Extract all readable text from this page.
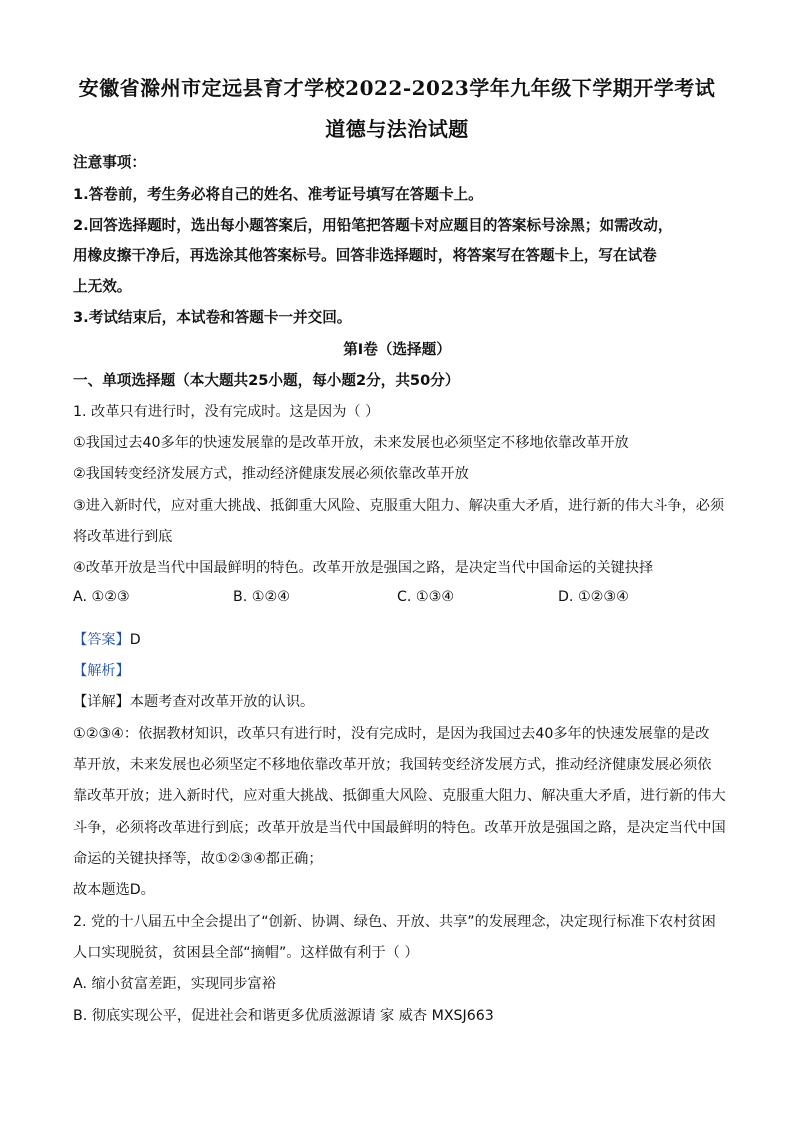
安徽省滁州市定远县育才学校2022-2023学年九年级下学期开学考试
道德与法治试题
注意事项：
1.答卷前，考生务必将自己的姓名、准考证号填写在答题卡上。
2.回答选择题时，选出每小题答案后，用铅笔把答题卡对应题目的答案标号涂黑；如需改动，
用橡皮擦干净后，再选涂其他答案标号。回答非选择题时，将答案写在答题卡上，写在试卷
上无效。
3.考试结束后，本试卷和答题卡一并交回。
第I卷（选择题）
一、单项选择题（本大题共25小题，每小题2分，共50分）
1. 改革只有进行时，没有完成时。这是因为（ ）
①我国过去40多年的快速发展靠的是改革开放，未来发展也必须坚定不移地依靠改革开放
②我国转变经济发展方式，推动经济健康发展必须依靠改革开放
③进入新时代，应对重大挑战、抵御重大风险、克服重大阻力、解决重大矛盾，进行新的伟大斗争，必须
将改革进行到底
④改革开放是当代中国最鲜明的特色。改革开放是强国之路，是决定当代中国命运的关键抉择
A. ①②③	B. ①②④	C. ①③④	D. ①②③④
【答案】D
【解析】
【详解】本题考查对改革开放的认识。
①②③④：依据教材知识，改革只有进行时，没有完成时，是因为我国过去40多年的快速发展靠的是改
革开放，未来发展也必须坚定不移地依靠改革开放；我国转变经济发展方式，推动经济健康发展必须依
靠改革开放；进入新时代，应对重大挑战、抵御重大风险、克服重大阻力、解决重大矛盾，进行新的伟大
斗争，必须将改革进行到底；改革开放是当代中国最鲜明的特色。改革开放是强国之路，是决定当代中国
命运的关键抉择等，故①②③④都正确；
故本题选D。
2. 党的十八届五中全会提出了“创新、协调、绿色、开放、共享”的发展理念，决定现行标准下农村贫困
人口实现脱贫，贫困县全部“摘帽”。这样做有利于（ ）
A. 缩小贫富差距，实现同步富裕
B. 彻底实现公平，促进社会和谐更多优质滋源请 家 威杏 MXSJ663
